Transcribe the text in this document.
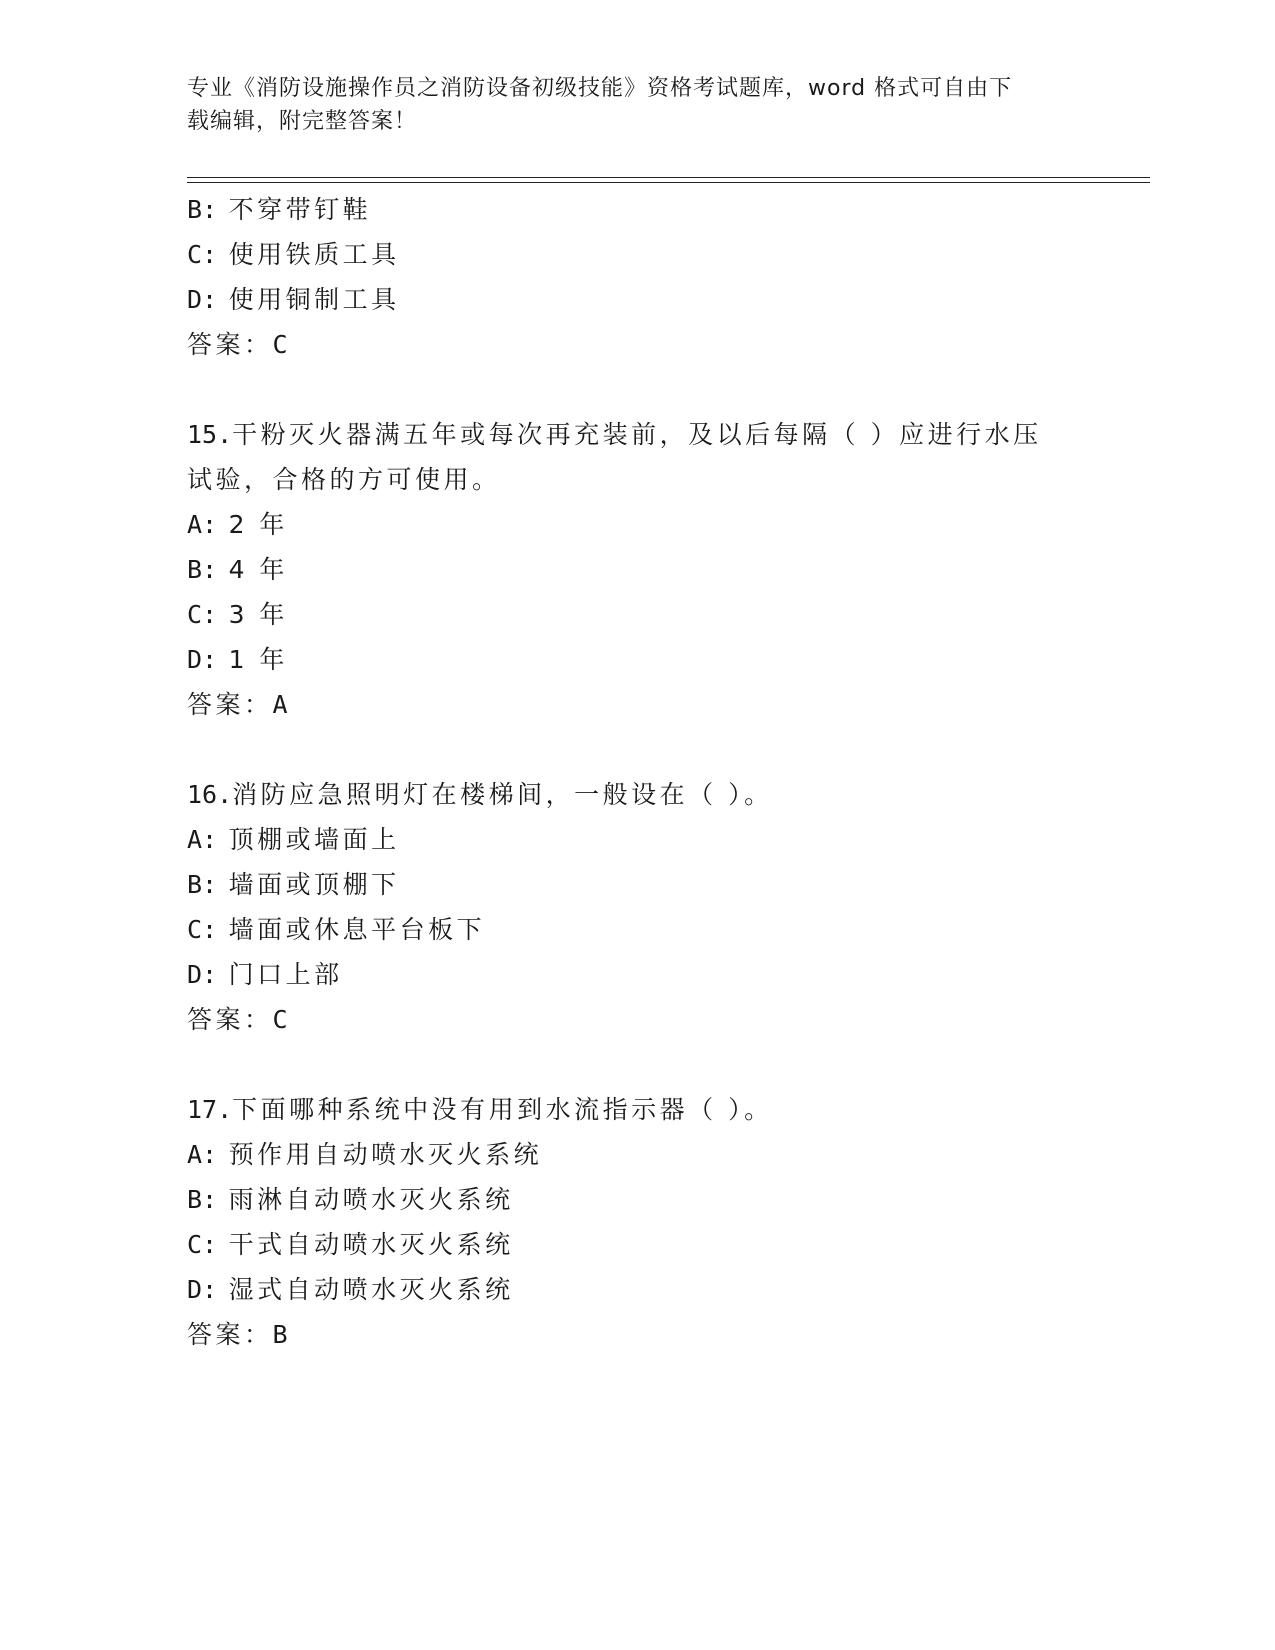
专业《消防设施操作员之消防设备初级技能》资格考试题库，word 格式可自由下
载编辑，附完整答案！
B: 不穿带钉鞋
C: 使用铁质工具
D: 使用铜制工具
答案：C
15.干粉灭火器满五年或每次再充装前，及以后每隔（ ）应进行水压
试验，合格的方可使用。
A: 2 年
B: 4 年
C: 3 年
D: 1 年
答案：A
16.消防应急照明灯在楼梯间，一般设在（ ）。
A: 顶棚或墙面上
B: 墙面或顶棚下
C: 墙面或休息平台板下
D: 门口上部
答案：C
17.下面哪种系统中没有用到水流指示器（ ）。
A: 预作用自动喷水灭火系统
B: 雨淋自动喷水灭火系统
C: 干式自动喷水灭火系统
D: 湿式自动喷水灭火系统
答案：B
